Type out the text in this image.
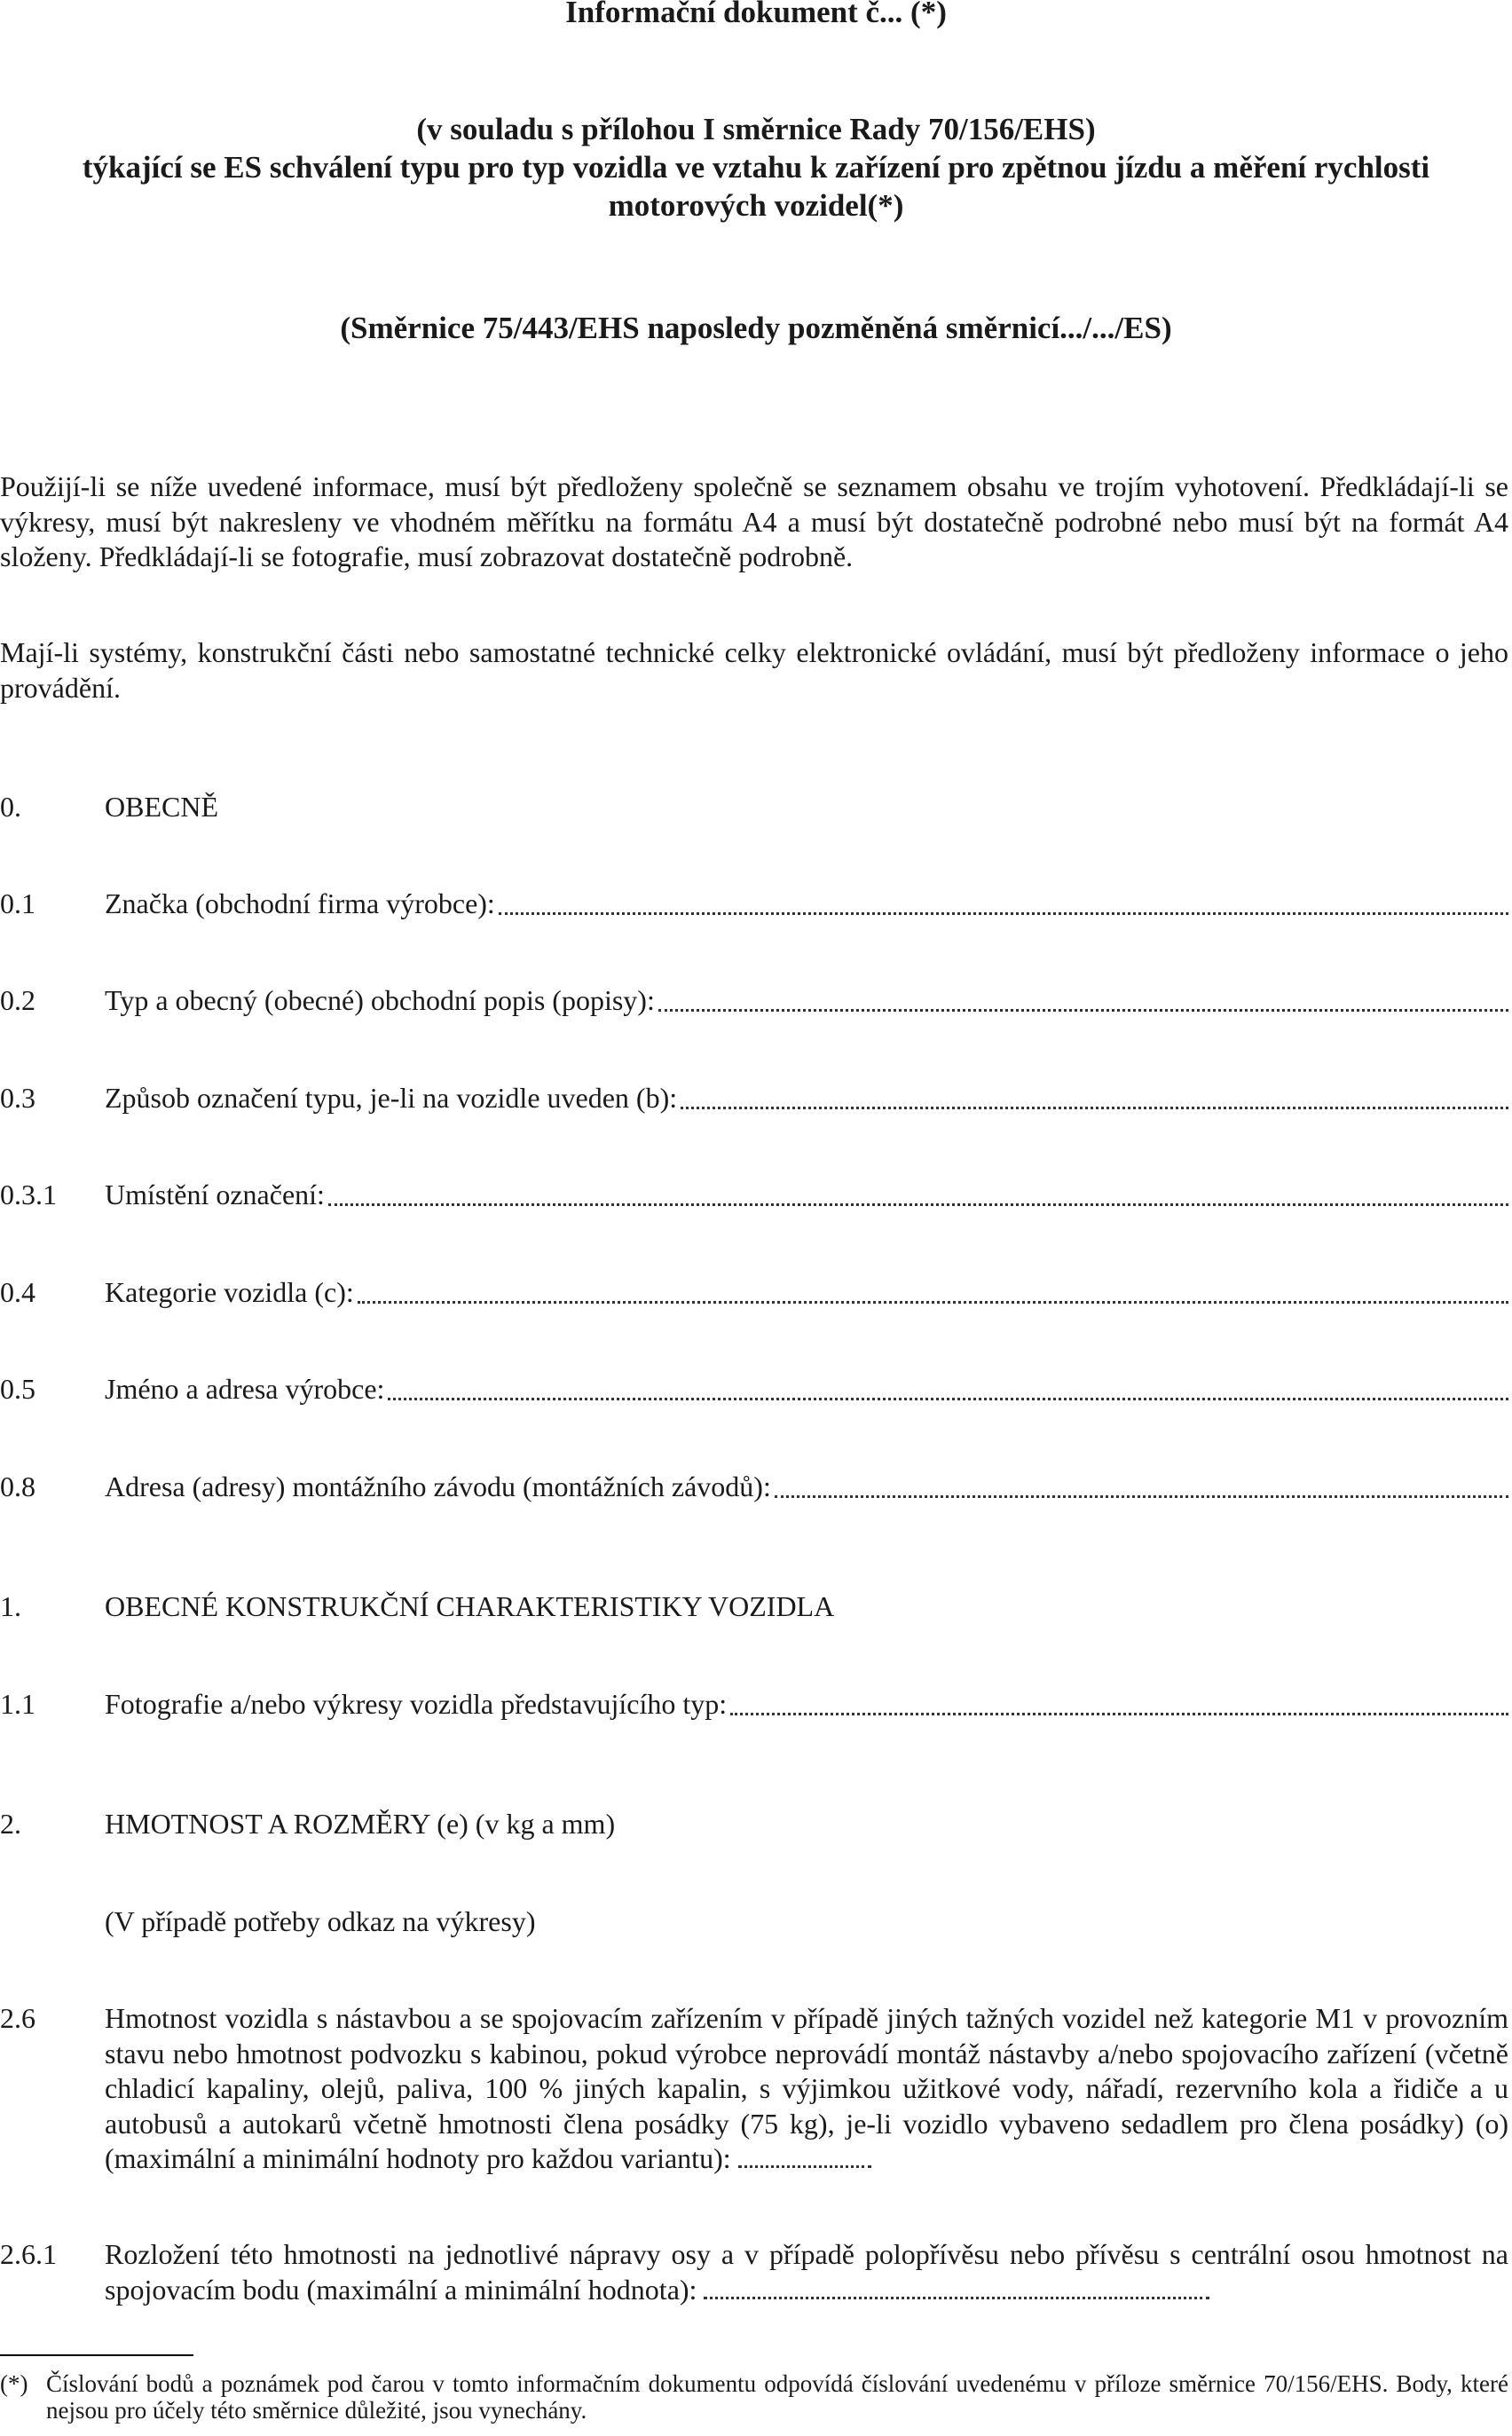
Informační dokument č... (*)
(v souladu s přílohou I směrnice Rady 70/156/EHS)
týkající se ES schválení typu pro typ vozidla ve vztahu k zařízení pro zpětnou jízdu a měření rychlosti
motorových vozidel(*)
(Směrnice 75/443/EHS naposledy pozměněná směrnicí.../.../ES)
Použijí-li se níže uvedené informace, musí být předloženy společně se seznamem obsahu ve trojím vyhotovení. Předkládají-li se výkresy, musí být nakresleny ve vhodném měřítku na formátu A4 a musí být dostatečně podrobné nebo musí být na formát A4 složeny. Předkládají-li se fotografie, musí zobrazovat dostatečně podrobně.
Mají-li systémy, konstrukční části nebo samostatné technické celky elektronické ovládání, musí být předloženy informace o jeho provádění.
0.	OBECNĚ
0.1 Značka (obchodní firma výrobce):
0.2 Typ a obecný (obecné) obchodní popis (popisy):
0.3 Způsob označení typu, je-li na vozidle uveden (b):
0.3.1 Umístění označení:
0.4 Kategorie vozidla (c):
0.5 Jméno a adresa výrobce:
0.8 Adresa (adresy) montážního závodu (montážních závodů):
1.	OBECNÉ KONSTRUKČNÍ CHARAKTERISTIKY VOZIDLA
1.1 Fotografie a/nebo výkresy vozidla představujícího typ:
2.	HMOTNOST A ROZMĚRY (e) (v kg a mm)
(V případě potřeby odkaz na výkresy)
2.6 Hmotnost vozidla s nástavbou a se spojovacím zařízením v případě jiných tažných vozidel než kategorie M1 v provozním stavu nebo hmotnost podvozku s kabinou, pokud výrobce neprovádí montáž nástavby a/nebo spojovacího zařízení (včetně chladicí kapaliny, olejů, paliva, 100 % jiných kapalin, s výjimkou užitkové vody, nářadí, rezervního kola a řidiče a u autobusů a autokarů včetně hmotnosti člena posádky (75 kg), je-li vozidlo vybaveno sedadlem pro člena posádky) (o) (maximální a minimální hodnoty pro každou variantu):
2.6.1 Rozložení této hmotnosti na jednotlivé nápravy osy a v případě polopřívěsu nebo přívěsu s centrální osou hmotnost na spojovacím bodu (maximální a minimální hodnota):
(*) Číslování bodů a poznámek pod čarou v tomto informačním dokumentu odpovídá číslování uvedenému v příloze směrnice 70/156/EHS. Body, které nejsou pro účely této směrnice důležité, jsou vynechány.
